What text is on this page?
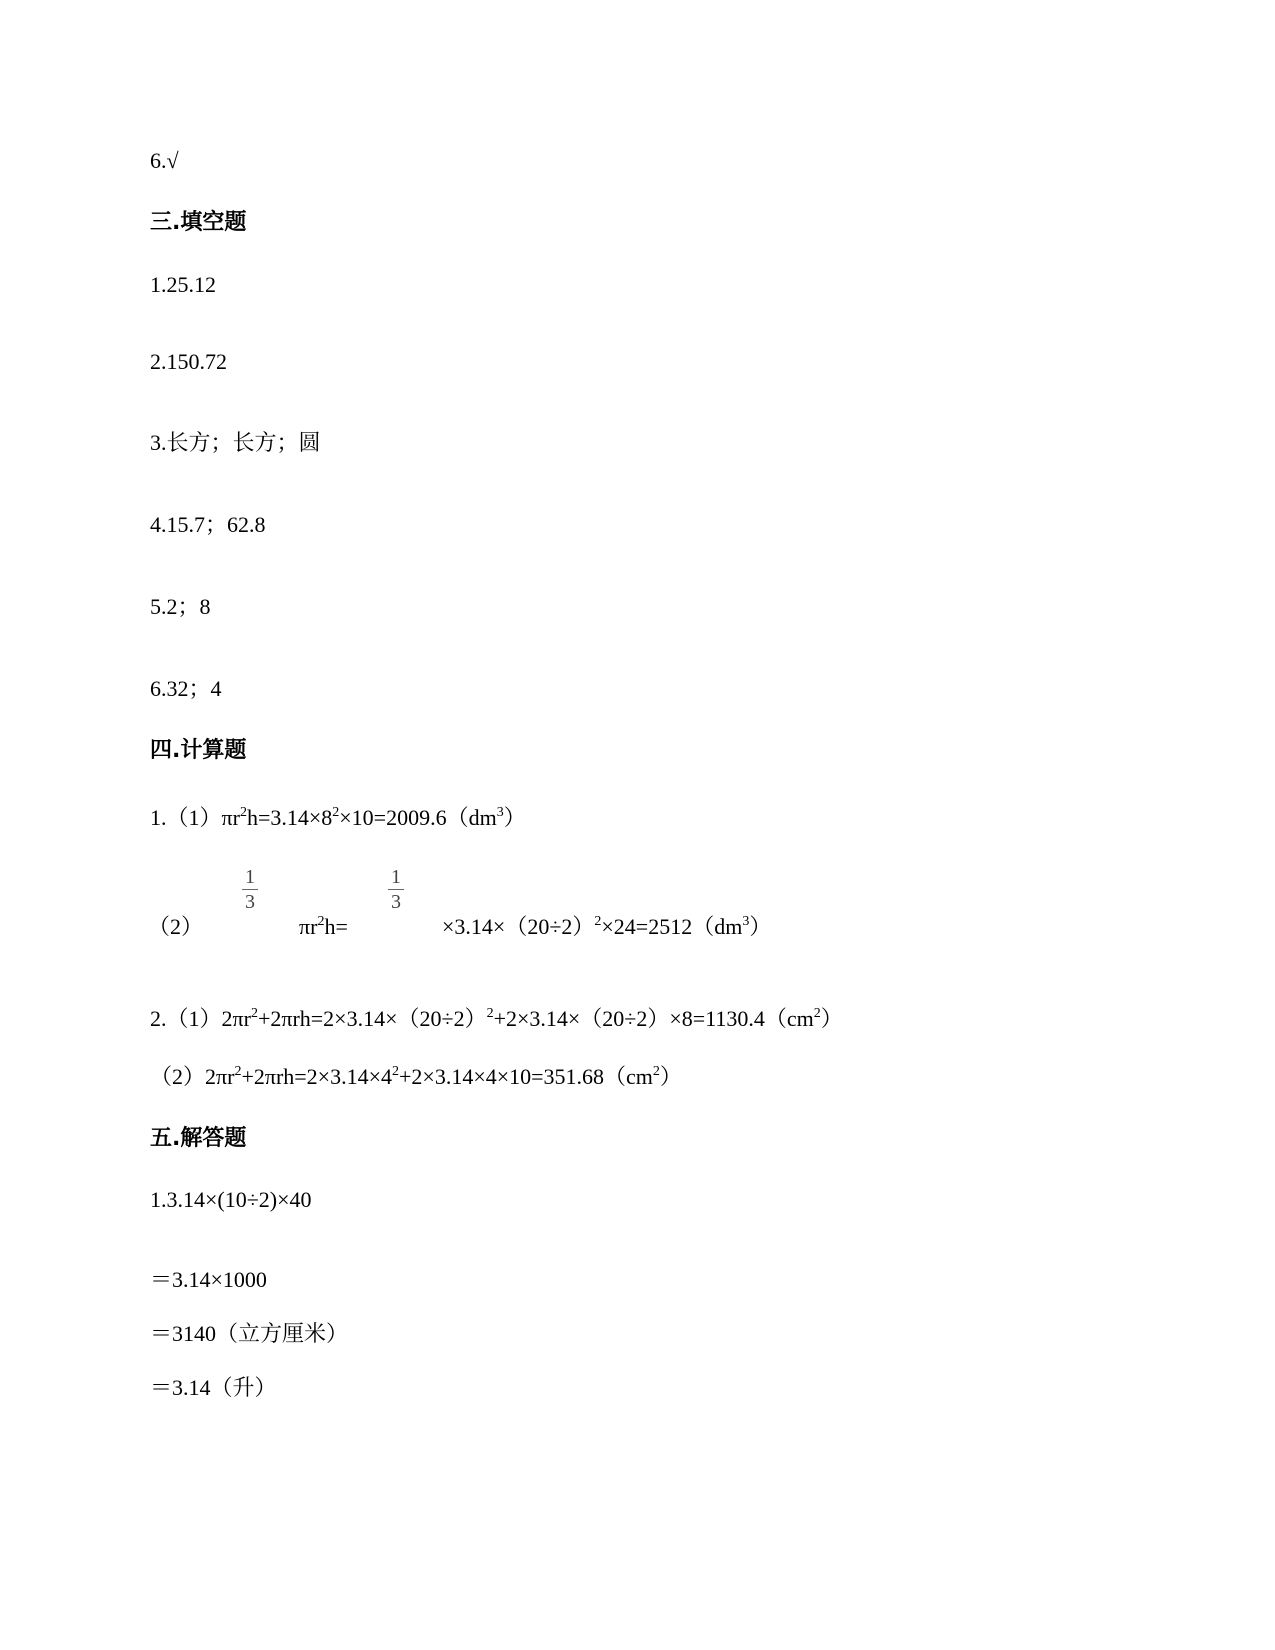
6.√
三.填空题
1.25.12
2.150.72
3.长方；长方；圆
4.15.7；62.8
5.2；8
6.32；4
四.计算题
$1.(1)\pi r^2h=3.14\times 8^2\times 10=2009.6(dm^3)$
（2）
1
3
$\pi r^2h=$
1
3
$\times 3.14\times(20\div 2)^2\times 24=2512(dm^3)$
$2.(1)2\pi r^2+2\pi rh=2\times 3.14\times(20\div 2)^2+2\times 3.14\times(20\div 2)\times 8=1130.4(cm^2)$
$(2)2\pi r^2+2\pi rh=2\times 3.14\times 4^2+2\times 3.14\times 4\times 10=351.68(cm^2)$
五.解答题
1.3.14×(10÷2)×40
＝3.14×1000
＝3140（立方厘米）
＝3.14（升）
